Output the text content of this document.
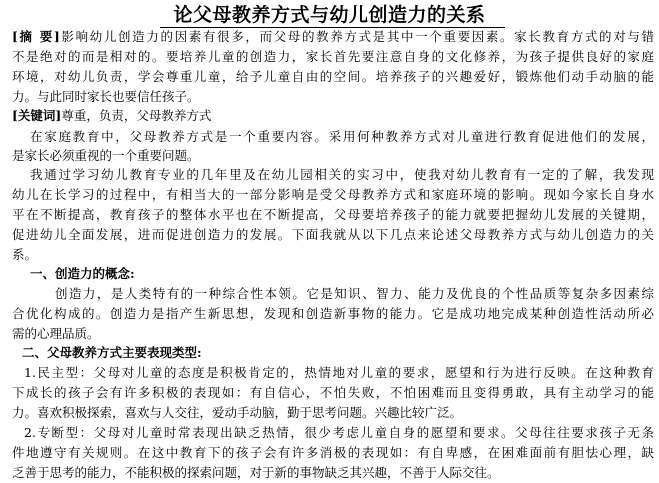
论父母教养方式与幼儿创造力的关系
[摘 要]影响幼儿创造力的因素有很多，而父母的教养方式是其中一个重要因素。家长教育方式的对与错
不是绝对的而是相对的。要培养儿童的创造力，家长首先要注意自身的文化修养，为孩子提供良好的家庭
环境，对幼儿负责，学会尊重儿童，给予儿童自由的空间。培养孩子的兴趣爱好，锻炼他们动手动脑的能
力。与此同时家长也要信任孩子。
[关键词]尊重，负责，父母教养方式
在家庭教育中，父母教养方式是一个重要内容。采用何种教养方式对儿童进行教育促进他们的发展，
是家长必须重视的一个重要问题。
我通过学习幼儿教育专业的几年里及在幼儿园相关的实习中，使我对幼儿教育有一定的了解，我发现
幼儿在长学习的过程中，有相当大的一部分影响是受父母教养方式和家庭环境的影响。现如今家长自身水
平在不断提高，教育孩子的整体水平也在不断提高，父母要培养孩子的能力就要把握幼儿发展的关键期，
促进幼儿全面发展，进而促进创造力的发展。下面我就从以下几点来论述父母教养方式与幼儿创造力的关
系。
一、创造力的概念:
创造力，是人类特有的一种综合性本领。它是知识、智力、能力及优良的个性品质等复杂多因素综
合优化构成的。创造力是指产生新思想，发现和创造新事物的能力。它是成功地完成某种创造性活动所必
需的心理品质。
二、父母教养方式主要表现类型:
1.民主型：父母对儿童的态度是积极肯定的，热情地对儿童的要求，愿望和行为进行反映。在这种教育
下成长的孩子会有许多积极的表现如：有自信心，不怕失败，不怕困难而且变得勇敢，具有主动学习的能
力。喜欢积极探索，喜欢与人交往，爱动手动脑，勤于思考问题。兴趣比较广泛。
2.专断型：父母对儿童时常表现出缺乏热情，很少考虑儿童自身的愿望和要求。父母往往要求孩子无条
件地遵守有关规则。在这中教育下的孩子会有许多消极的表现如：有自卑感，在困难面前有胆怯心理，缺
乏善于思考的能力，不能积极的探索问题，对于新的事物缺乏其兴趣，不善于人际交往。
